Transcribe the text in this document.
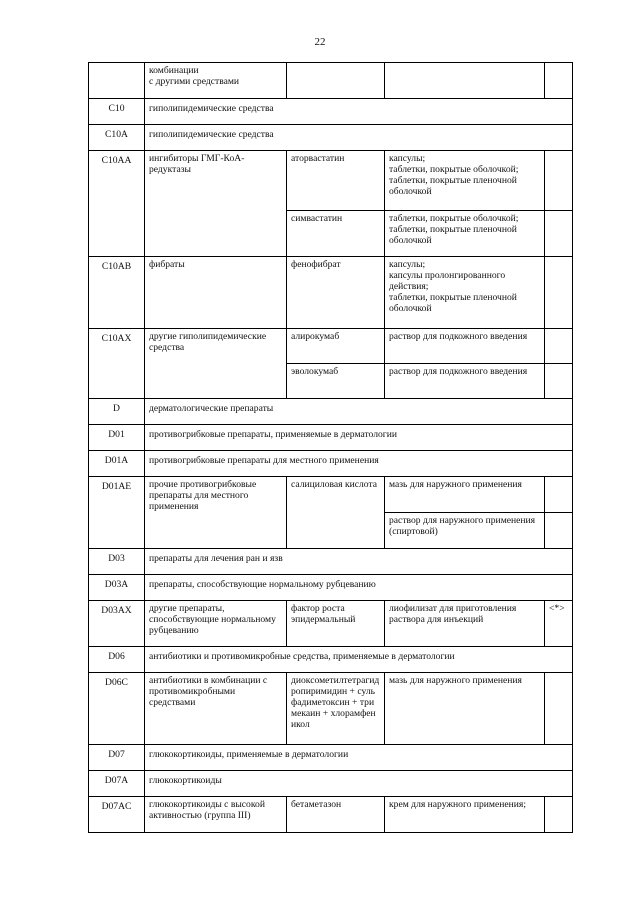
22
	комбинации
с другими средствами			
C10	гиполипидемические средства			
C10A	гиполипидемические средства			
C10AA	ингибиторы ГМГ-КоА-редуктазы	аторвастатин	капсулы;
таблетки, покрытые оболочкой;
таблетки, покрытые пленочной оболочкой	
		симвастатин	таблетки, покрытые оболочкой;
таблетки, покрытые пленочной оболочкой	
C10AB	фибраты	фенофибрат	капсулы;
капсулы пролонгированного действия;
таблетки, покрытые пленочной оболочкой	
C10AX	другие гиполипидемические средства	алирокумаб	раствор для подкожного введения	
		эволокумаб	раствор для подкожного введения	
D	дерматологические препараты			
D01	противогрибковые препараты, применяемые в дерматологии			
D01A	противогрибковые препараты для местного применения			
D01AE	прочие противогрибковые препараты для местного применения	салициловая кислота	мазь для наружного применения	
			раствор для наружного применения (спиртовой)	
D03	препараты для лечения ран и язв			
D03A	препараты, способствующие нормальному рубцеванию			
D03AX	другие препараты, способствующие нормальному рубцеванию	фактор роста эпидермальный	лиофилизат для приготовления раствора для инъекций	<*>
D06	антибиотики и противомикробные средства, применяемые в дерматологии			
D06C	антибиотики в комбинации с противомикробными средствами	диоксометилтетрагидропиримидин + сульфадиметоксин + тримекаин + хлорамфеникол	мазь для наружного применения	
D07	глюкокортикоиды, применяемые в дерматологии			
D07A	глюкокортикоиды			
D07AC	глюкокортикоиды с высокой активностью (группа III)	бетаметазон	крем для наружного применения;	
